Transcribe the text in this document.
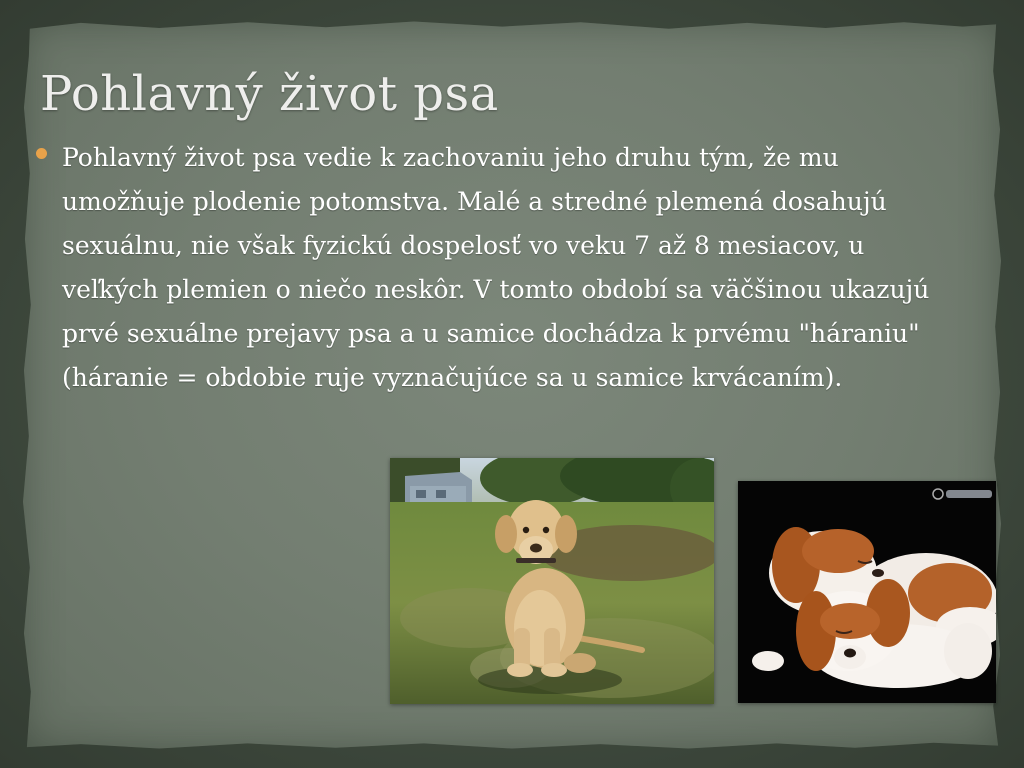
Pohlavný život psa

Pohlavný život psa vedie k zachovaniu jeho druhu tým, že mu umožňuje plodenie potomstva. Malé a stredné plemená dosahujú sexuálnu, nie však fyzickú dospelosť vo veku 7 až 8 mesiacov, u veľkých plemien o niečo neskôr. V tomto období sa väčšinou ukazujú prvé sexuálne prejavy psa a u samice dochádza k prvému "háraniu" (háranie = obdobie ruje vyznačujúce sa u samice krvácaním).
